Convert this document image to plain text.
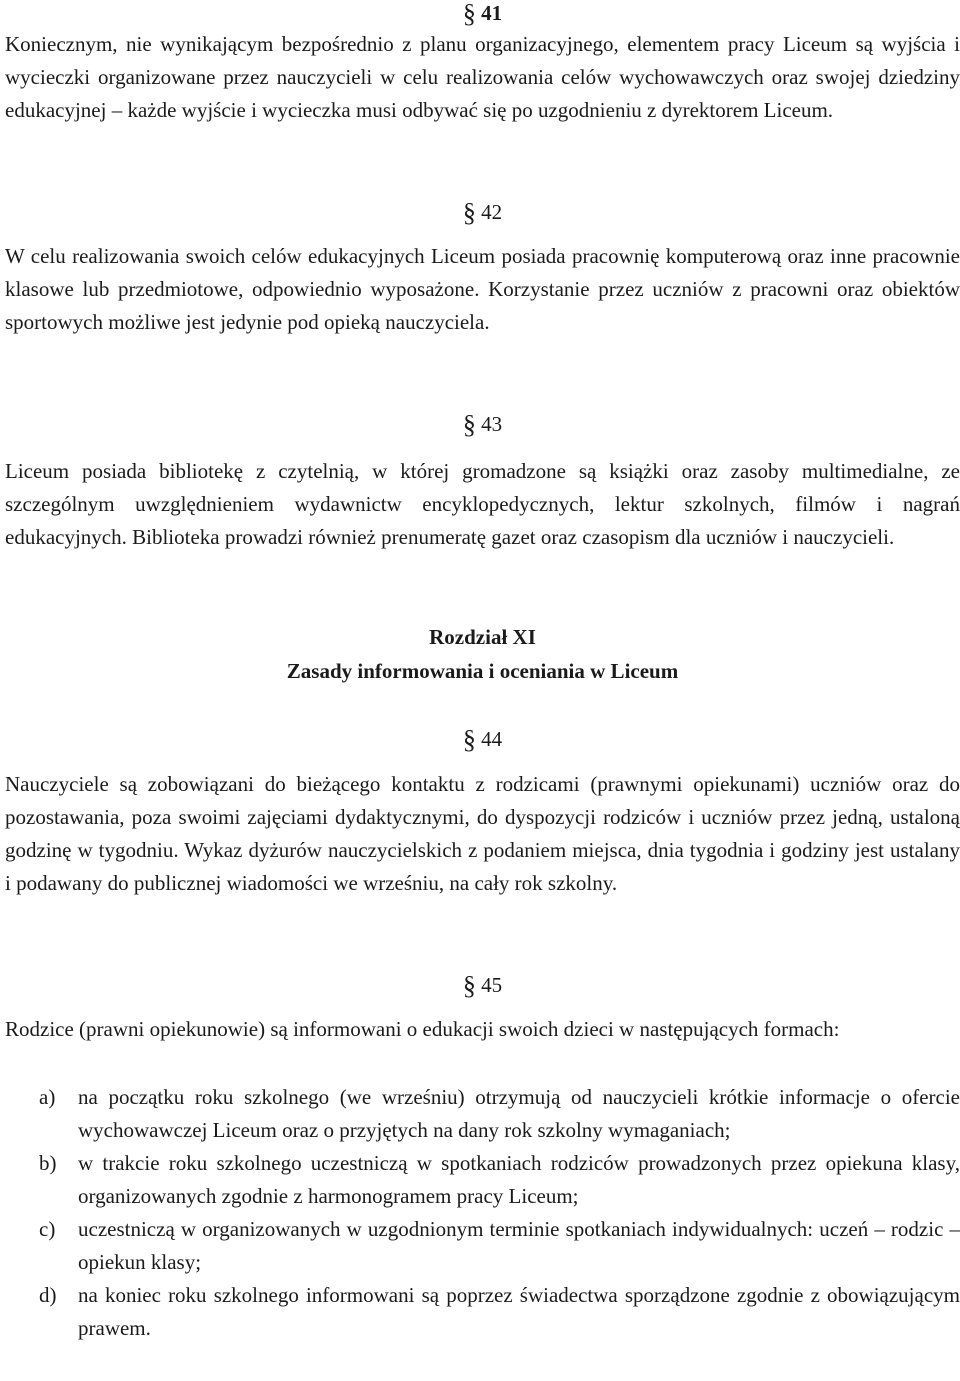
§ 41

Koniecznym, nie wynikającym bezpośrednio z planu organizacyjnego, elementem pracy Liceum są wyjścia i wycieczki organizowane przez nauczycieli w celu realizowania celów wychowawczych oraz swojej dziedziny edukacyjnej – każde wyjście i wycieczka musi odbywać się po uzgodnieniu z dyrektorem Liceum.

§ 42

W celu realizowania swoich celów edukacyjnych Liceum posiada pracownię komputerową oraz inne pracownie klasowe lub przedmiotowe, odpowiednio wyposażone. Korzystanie przez uczniów z pracowni oraz obiektów sportowych możliwe jest jedynie pod opieką nauczyciela.

§ 43

Liceum posiada bibliotekę z czytelnią, w której gromadzone są książki oraz zasoby multimedialne, ze szczególnym uwzględnieniem wydawnictw encyklopedycznych, lektur szkolnych, filmów i nagrań edukacyjnych. Biblioteka prowadzi również prenumeratę gazet oraz czasopism dla uczniów i nauczycieli.

Rozdział XI

Zasady informowania i oceniania w Liceum

§ 44

Nauczyciele są zobowiązani do bieżącego kontaktu z rodzicami (prawnymi opiekunami) uczniów oraz do pozostawania, poza swoimi zajęciami dydaktycznymi, do dyspozycji rodziców i uczniów przez jedną, ustaloną godzinę w tygodniu. Wykaz dyżurów nauczycielskich z podaniem miejsca, dnia tygodnia i godziny jest ustalany i podawany do publicznej wiadomości we wrześniu, na cały rok szkolny.

§ 45

Rodzice (prawni opiekunowie) są informowani o edukacji swoich dzieci w następujących formach:

a) na początku roku szkolnego (we wrześniu) otrzymują od nauczycieli krótkie informacje o ofercie wychowawczej Liceum oraz o przyjętych na dany rok szkolny wymaganiach;
b) w trakcie roku szkolnego uczestniczą w spotkaniach rodziców prowadzonych przez opiekuna klasy, organizowanych zgodnie z harmonogramem pracy Liceum;
c) uczestniczą w organizowanych w uzgodnionym terminie spotkaniach indywidualnych: uczeń – rodzic – opiekun klasy;
d) na koniec roku szkolnego informowani są poprzez świadectwa sporządzone zgodnie z obowiązującym prawem.
